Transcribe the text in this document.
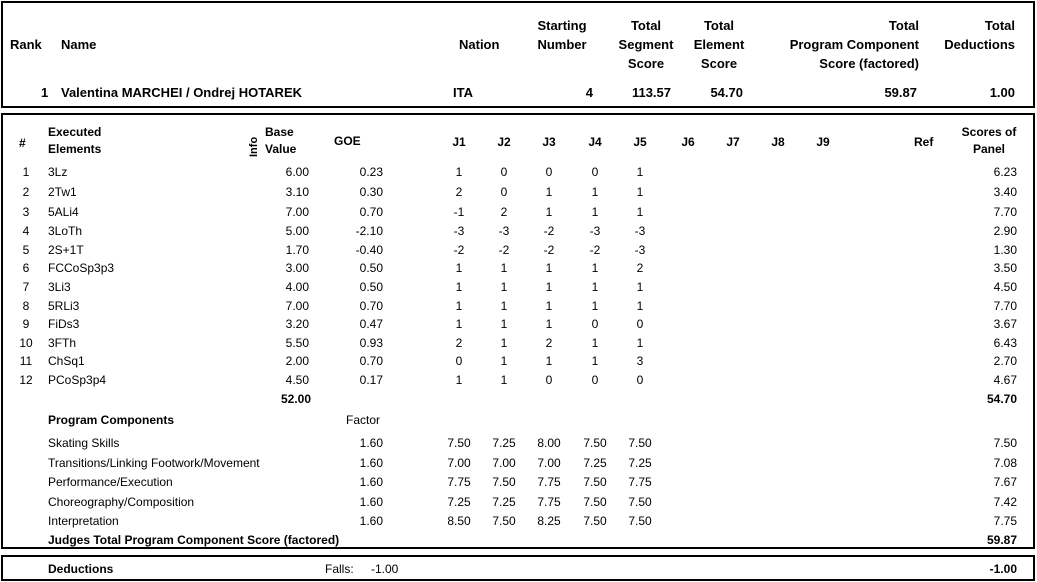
Rank Name	Nation
Starting
Number
Total
Segment
Score
Total
Element
Score
Total
Program Component
Score (factored)
Total
Deductions
1 Valentina MARCHEI / Ondrej HOTAREK	ITA	4	113.57	54.70	59.87	1.00
#
Executed
Elements	Info
Base
Value
GOE	J1	J2	J3	J4	J5	J6	J7	J8	J9	Ref
Scores of
Panel
1	3Lz	6.00	0.23	1	0	0	0	1	6.23
2	2Tw1	3.10	0.30	2	0	1	1	1	3.40
3	5ALi4	7.00	0.70	-1	2	1	1	1	7.70
4	3LoTh	5.00	-2.10	-3	-3	-2	-3	-3	2.90
5	2S+1T	1.70	-0.40	-2	-2	-2	-2	-3	1.30
6	FCCoSp3p3	3.00	0.50	1	1	1	1	2	3.50
7	3Li3	4.00	0.50	1	1	1	1	1	4.50
8	5RLi3	7.00	0.70	1	1	1	1	1	7.70
9	FiDs3	3.20	0.47	1	1	1	0	0	3.67
10	3FTh	5.50	0.93	2	1	2	1	1	6.43
11	ChSq1	2.00	0.70	0	1	1	1	3	2.70
12	PCoSp3p4	4.50	0.17	1	1	0	0	0	4.67
52.00	54.70
Program Components	Factor
Skating Skills	1.60	7.50	7.25	8.00	7.50	7.50	7.50
Transitions/Linking Footwork/Movement	1.60	7.00	7.00	7.00	7.25	7.25	7.08
Performance/Execution	1.60	7.75	7.50	7.75	7.50	7.75	7.67
Choreography/Composition	1.60	7.25	7.25	7.75	7.50	7.50	7.42
Interpretation	1.60	8.50	7.50	8.25	7.50	7.50	7.75
Judges Total Program Component Score (factored)	59.87
Deductions	Falls: -1.00	-1.00
